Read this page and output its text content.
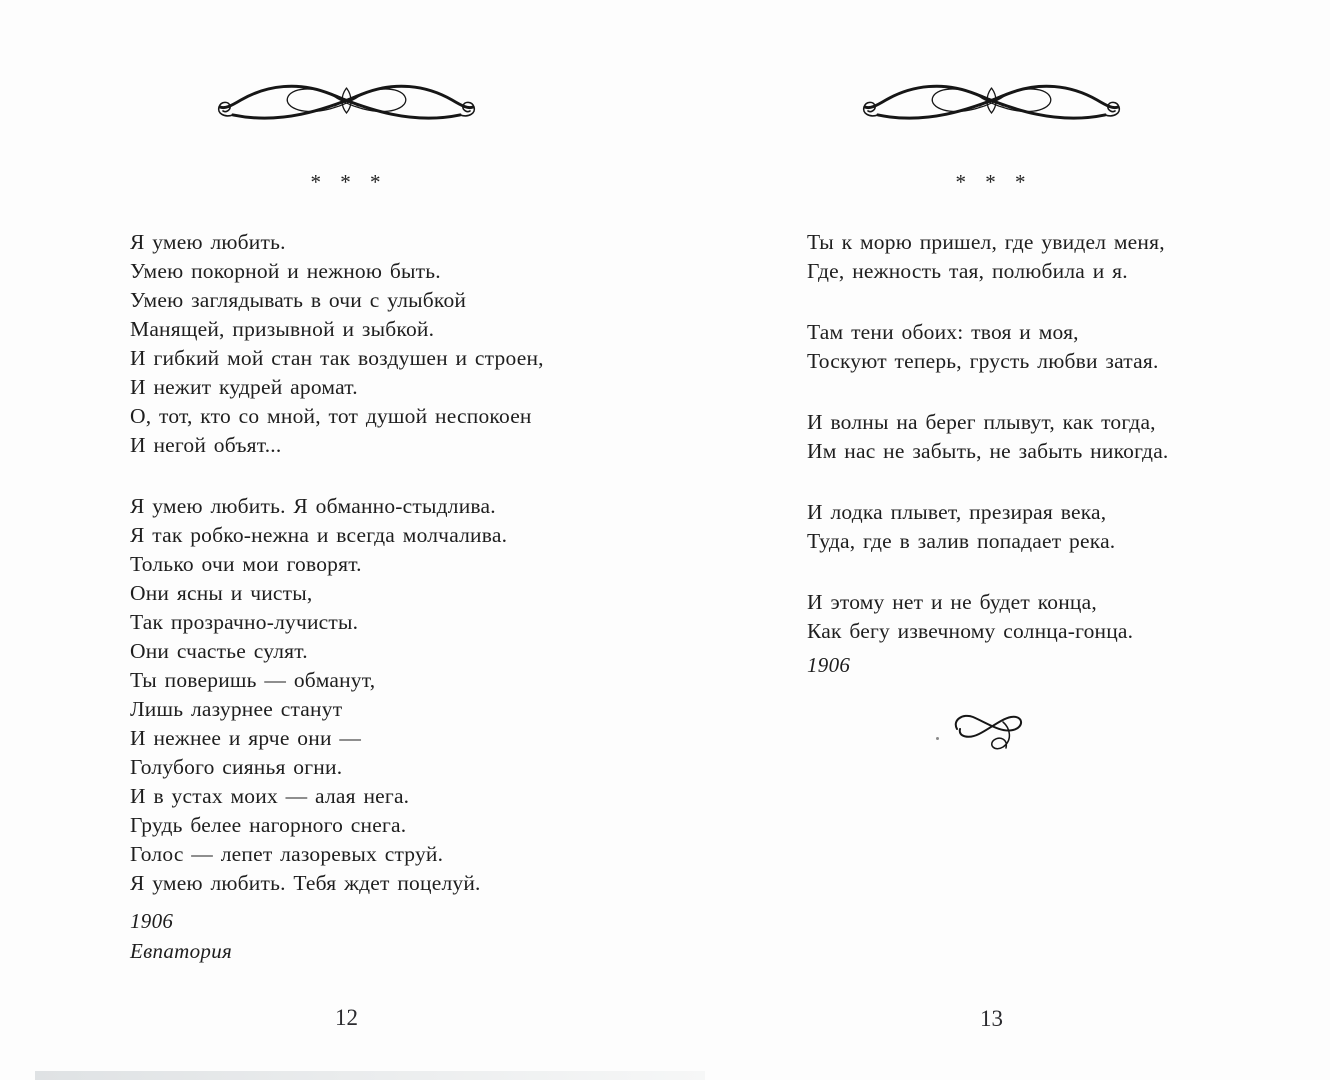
* * *
Я умею любить.
Умею покорной и нежною быть.
Умею заглядывать в очи с улыбкой
Манящей, призывной и зыбкой.
И гибкий мой стан так воздушен и строен,
И нежит кудрей аромат.
О, тот, кто со мной, тот душой неспокоен
И негой объят...
Я умею любить. Я обманно-стыдлива.
Я так робко-нежна и всегда молчалива.
Только очи мои говорят.
Они ясны и чисты,
Так прозрачно-лучисты.
Они счастье сулят.
Ты поверишь — обманут,
Лишь лазурнее станут
И нежнее и ярче они —
Голубого сиянья огни.
И в устах моих — алая нега.
Грудь белее нагорного снега.
Голос — лепет лазоревых струй.
Я умею любить. Тебя ждет поцелуй.
1906
Евпатория
12
* * *
Ты к морю пришел, где увидел меня,
Где, нежность тая, полюбила и я.
Там тени обоих: твоя и моя,
Тоскуют теперь, грусть любви затая.
И волны на берег плывут, как тогда,
Им нас не забыть, не забыть никогда.
И лодка плывет, презирая века,
Туда, где в залив попадает река.
И этому нет и не будет конца,
Как бегу извечному солнца-гонца.
1906
13
